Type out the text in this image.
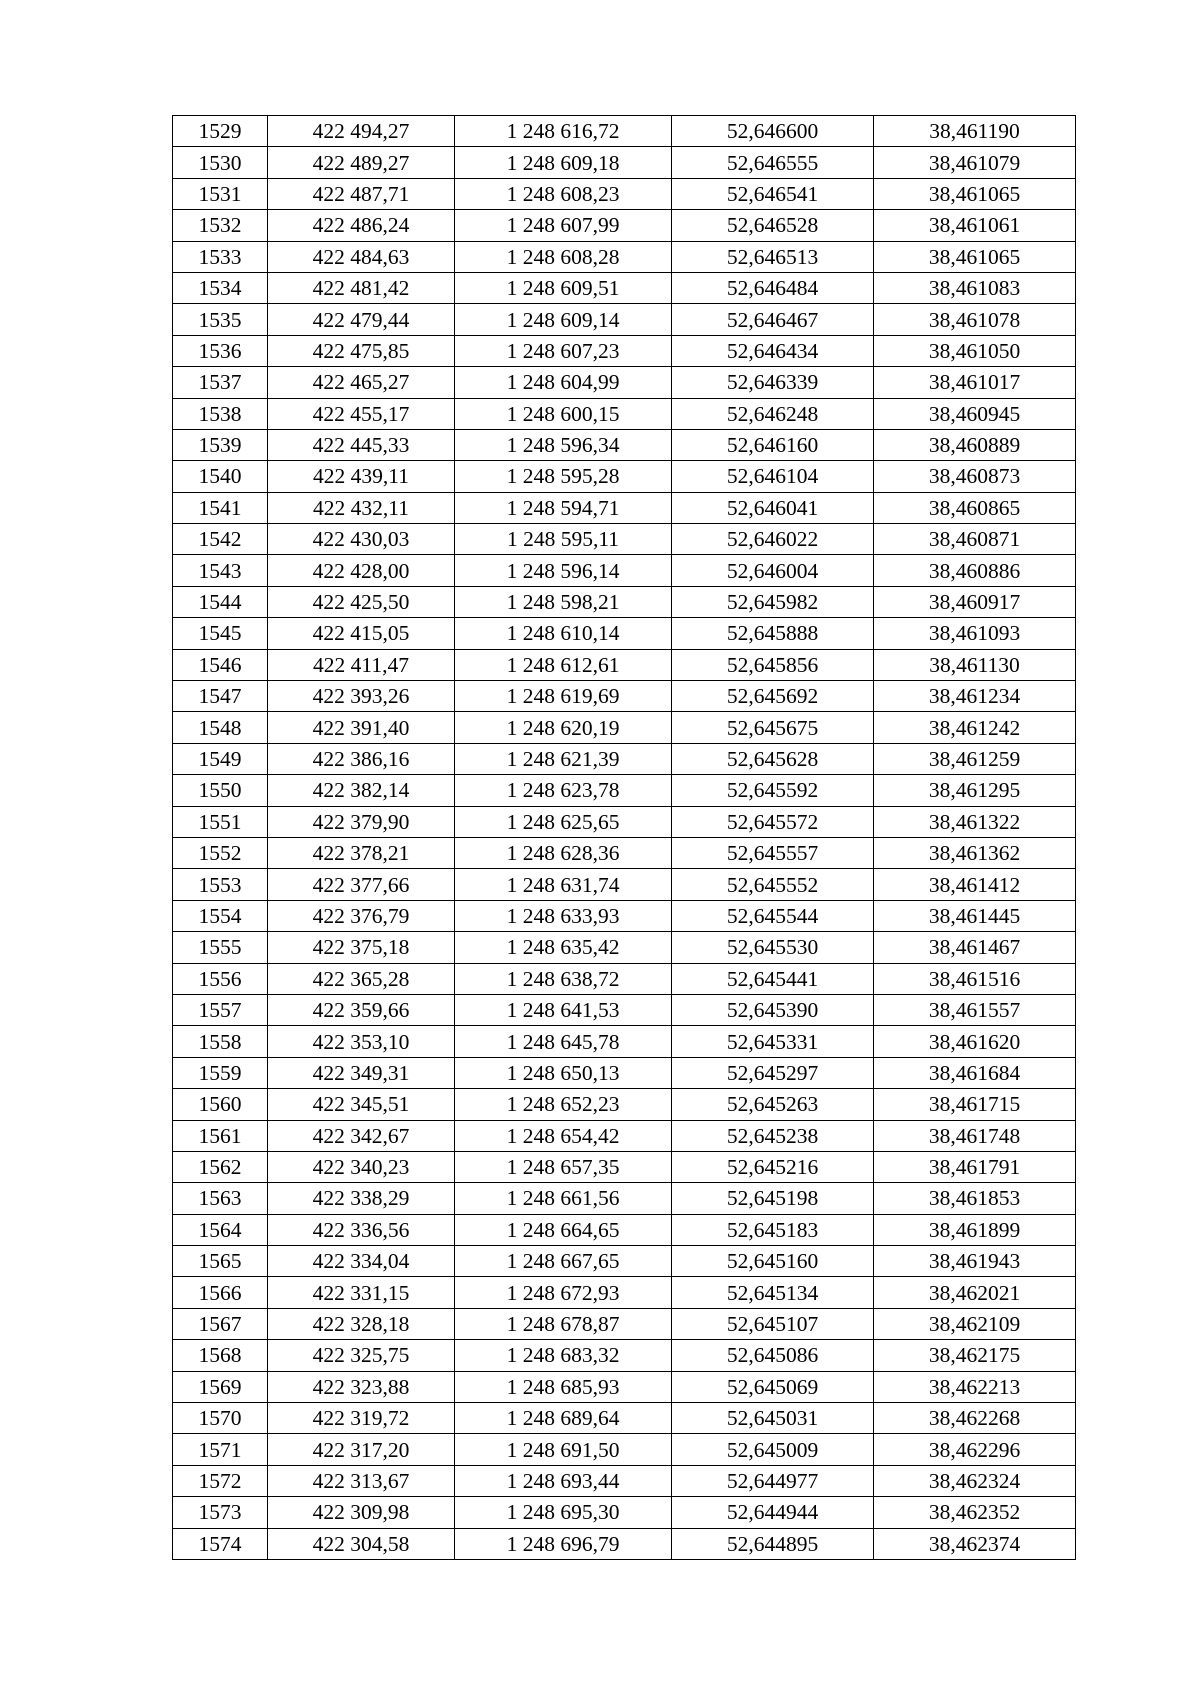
1529	422 494,27	1 248 616,72	52,646600	38,461190
1530	422 489,27	1 248 609,18	52,646555	38,461079
1531	422 487,71	1 248 608,23	52,646541	38,461065
1532	422 486,24	1 248 607,99	52,646528	38,461061
1533	422 484,63	1 248 608,28	52,646513	38,461065
1534	422 481,42	1 248 609,51	52,646484	38,461083
1535	422 479,44	1 248 609,14	52,646467	38,461078
1536	422 475,85	1 248 607,23	52,646434	38,461050
1537	422 465,27	1 248 604,99	52,646339	38,461017
1538	422 455,17	1 248 600,15	52,646248	38,460945
1539	422 445,33	1 248 596,34	52,646160	38,460889
1540	422 439,11	1 248 595,28	52,646104	38,460873
1541	422 432,11	1 248 594,71	52,646041	38,460865
1542	422 430,03	1 248 595,11	52,646022	38,460871
1543	422 428,00	1 248 596,14	52,646004	38,460886
1544	422 425,50	1 248 598,21	52,645982	38,460917
1545	422 415,05	1 248 610,14	52,645888	38,461093
1546	422 411,47	1 248 612,61	52,645856	38,461130
1547	422 393,26	1 248 619,69	52,645692	38,461234
1548	422 391,40	1 248 620,19	52,645675	38,461242
1549	422 386,16	1 248 621,39	52,645628	38,461259
1550	422 382,14	1 248 623,78	52,645592	38,461295
1551	422 379,90	1 248 625,65	52,645572	38,461322
1552	422 378,21	1 248 628,36	52,645557	38,461362
1553	422 377,66	1 248 631,74	52,645552	38,461412
1554	422 376,79	1 248 633,93	52,645544	38,461445
1555	422 375,18	1 248 635,42	52,645530	38,461467
1556	422 365,28	1 248 638,72	52,645441	38,461516
1557	422 359,66	1 248 641,53	52,645390	38,461557
1558	422 353,10	1 248 645,78	52,645331	38,461620
1559	422 349,31	1 248 650,13	52,645297	38,461684
1560	422 345,51	1 248 652,23	52,645263	38,461715
1561	422 342,67	1 248 654,42	52,645238	38,461748
1562	422 340,23	1 248 657,35	52,645216	38,461791
1563	422 338,29	1 248 661,56	52,645198	38,461853
1564	422 336,56	1 248 664,65	52,645183	38,461899
1565	422 334,04	1 248 667,65	52,645160	38,461943
1566	422 331,15	1 248 672,93	52,645134	38,462021
1567	422 328,18	1 248 678,87	52,645107	38,462109
1568	422 325,75	1 248 683,32	52,645086	38,462175
1569	422 323,88	1 248 685,93	52,645069	38,462213
1570	422 319,72	1 248 689,64	52,645031	38,462268
1571	422 317,20	1 248 691,50	52,645009	38,462296
1572	422 313,67	1 248 693,44	52,644977	38,462324
1573	422 309,98	1 248 695,30	52,644944	38,462352
1574	422 304,58	1 248 696,79	52,644895	38,462374
